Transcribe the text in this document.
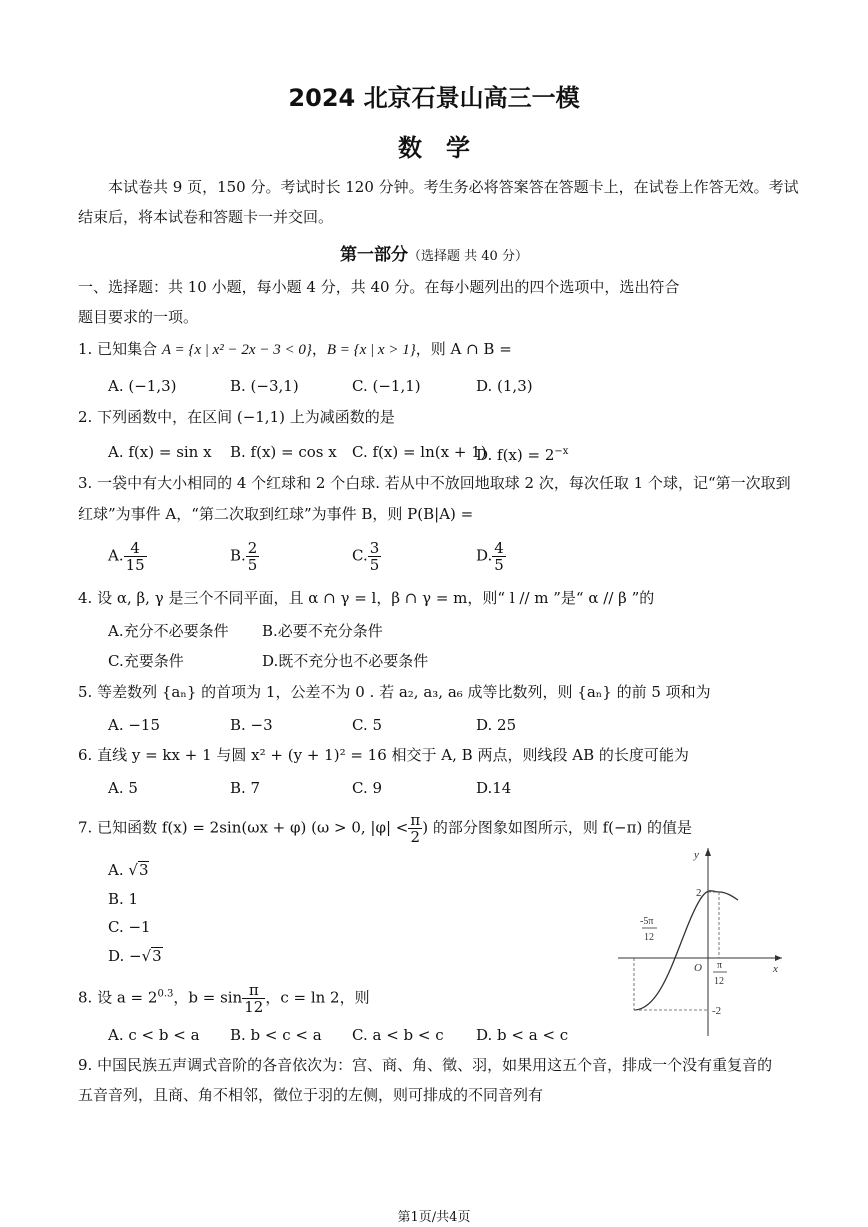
2024 北京石景山高三一模
数　学
本试卷共 9 页，150 分。考试时长 120 分钟。考生务必将答案答在答题卡上，在试卷上作答无效。考试
结束后，将本试卷和答题卡一并交回。
第一部分（选择题 共 40 分）
一、选择题：共 10 小题，每小题 4 分，共 40 分。在每小题列出的四个选项中，选出符合
题目要求的一项。
1. 已知集合 A = {x | x² − 2x − 3 < 0}，B = {x | x > 1}，则 A ∩ B =
A. (−1,3)	B. (−3,1)	C. (−1,1)	D. (1,3)
2. 下列函数中，在区间 (−1,1) 上为减函数的是
A. f(x) = sin x B. f(x) = cos x C. f(x) = ln(x + 1)
D. $f(x) = 2^{-x}$
3. 一袋中有大小相同的 4 个红球和 2 个白球. 若从中不放回地取球 2 次，每次任取 1 个球，记“第一次取到
红球”为事件 A，“第二次取到红球”为事件 B，则 P(B|A) =
A. $\frac{4}{15}$	B. $\frac{2}{5}$	C. $\frac{3}{5}$	D. $\frac{4}{5}$
4. 设 α, β, γ 是三个不同平面，且 α ∩ γ = l，β ∩ γ = m，则“ l // m ”是“ α // β ”的
A.充分不必要条件 B.必要不充分条件
C.充要条件	D.既不充分也不必要条件
5. 等差数列 {aₙ} 的首项为 1，公差不为 0 . 若 a₂, a₃, a₆ 成等比数列，则 {aₙ} 的前 5 项和为
A. −15	B. −3	C. 5	D. 25
6. 直线 y = kx + 1 与圆 x² + (y + 1)² = 16 相交于 A, B 两点，则线段 AB 的长度可能为
A. 5	B. 7	C. 9	D.14
7. 已知函数 f(x) = 2sin(ωx + φ) (ω > 0, $|\varphi| < \frac{\pi}{2}$ ) 的部分图象如图所示，则 f(−π) 的值是
A. √3
B. 1
C. −1
D. −√3
y
x
O
2
-2
-5π
12
π
12
8. 设 $a = 2^{0.3}$，$b = \sin \frac{\pi}{12}$ ，c = ln 2，则
A. c < b < a B. b < c < a C. a < b < c D. b < a < c
9. 中国民族五声调式音阶的各音依次为：宫、商、角、徵、羽，如果用这五个音，排成一个没有重复音的
五音音列，且商、角不相邻，徵位于羽的左侧，则可排成的不同音列有
第1页/共4页
